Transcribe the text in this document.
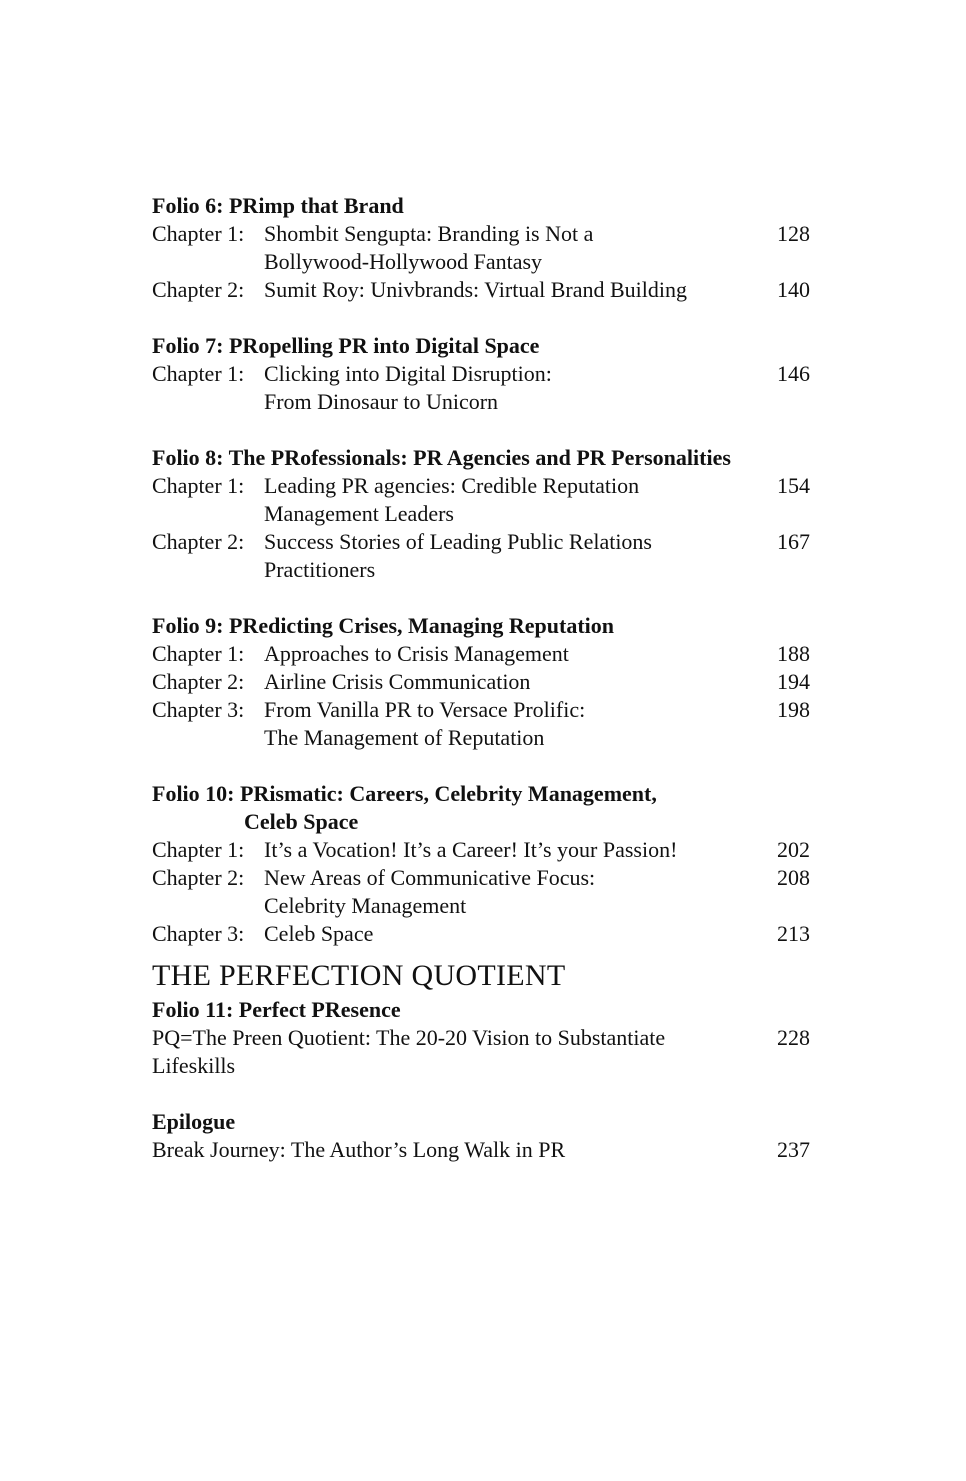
Folio 6: PRimp that Brand
Chapter 1: Shombit Sengupta: Branding is Not a	128
Bollywood-Hollywood Fantasy
Chapter 2: Sumit Roy: Univbrands: Virtual Brand Building	140
Folio 7: PRopelling PR into Digital Space
Chapter 1: Clicking into Digital Disruption:	146
From Dinosaur to Unicorn
Folio 8: The PRofessionals: PR Agencies and PR Personalities
Chapter 1: Leading PR agencies: Credible Reputation	154
Management Leaders
Chapter 2: Success Stories of Leading Public Relations	167
Practitioners
Folio 9: PRedicting Crises, Managing Reputation
Chapter 1: Approaches to Crisis Management	188
Chapter 2: Airline Crisis Communication	194
Chapter 3: From Vanilla PR to Versace Prolific:	198
The Management of Reputation
Folio 10: PRismatic: Careers, Celebrity Management,
Celeb Space
Chapter 1: It’s a Vocation! It’s a Career! It’s your Passion!	202
Chapter 2: New Areas of Communicative Focus:	208
Celebrity Management
Chapter 3: Celeb Space	213
THE PERFECTION QUOTIENT
Folio 11: Perfect PResence
PQ=The Preen Quotient: The 20-20 Vision to Substantiate	228
Lifeskills
Epilogue
Break Journey: The Author’s Long Walk in PR	237
